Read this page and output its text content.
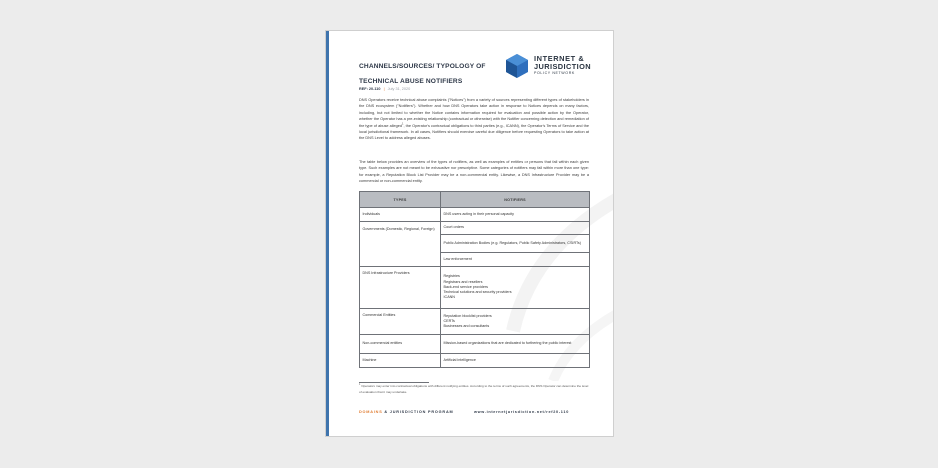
CHANNELS/SOURCES/ TYPOLOGY OF
TECHNICAL ABUSE NOTIFIERS
INTERNET &
JURISDICTION
POLICY NETWORK
REF: 20-110 | July 31, 2020

DNS Operators receive technical abuse complaints ("Notices") from a variety of sources representing different types of stakeholders in the DNS ecosystem ("Notifiers"). Whether and how DNS Operators take action in response to Notices depends on many factors, including, but not limited to whether the Notice contains information required for evaluation and possible action by the Operator, whether the Operator has a pre-existing relationship (contractual or otherwise) with the Notifier concerning detection and remediation of the type of abuse alleged$^1$, the Operator's contractual obligations to third parties (e.g., ICANN), the Operator's Terms of Service and the local jurisdictional framework. In all cases, Notifiers should exercise careful due diligence before requesting Operators to take action at the DNS Level to address alleged abuses.

The table below provides an overview of the types of notifiers, as well as examples of entities or persons that fall within each given type. Such examples are not meant to be exhaustive nor prescriptive. Some categories of notifiers may fall within more than one type: for example, a Reputation Block List Provider may be a non-commercial entity. Likewise, a DNS Infrastructure Provider may be a commercial or non-commercial entity.

TYPES	NOTIFIERS
Individuals	DNS users acting in their personal capacity
Governments (Domestic, Regional, Foreign)	Court orders
	Public Administration Bodies (e.g. Regulators, Public Safety Administrators, CSIRTs)
	Law enforcement
DNS Infrastructure Providers	Registries
Registrars and resellers
Back-end service providers
Technical solutions and security providers
ICANN

Commercial Entities	Reputation blocklist providers
CERTs
Businesses and consultants

Non-commercial entities	Mission-based organizations that are dedicated to furthering the public interest
Machine	Artificial intelligence

$^1$ Operators may enter into contractual obligations with different notifying entities. According to the terms of such agreements, the DNS Operator can determine the level of evaluation that it may undertake.

DOMAINS & JURISDICTION PROGRAM	www.internetjurisdiction.net/ref20-110
